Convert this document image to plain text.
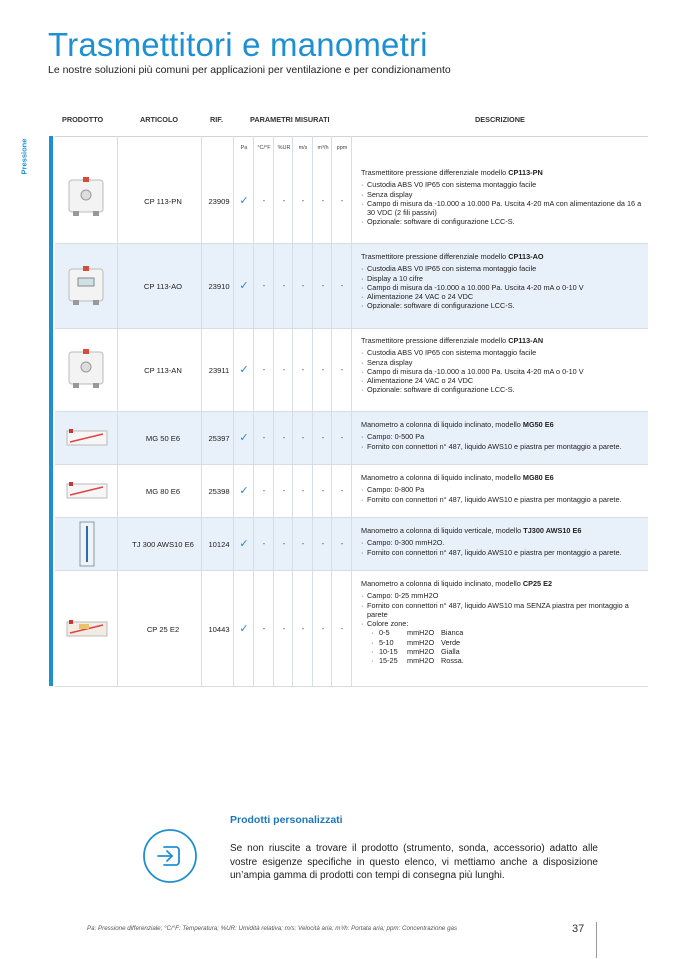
Trasmettitori e manometri
Le nostre soluzioni più comuni per applicazioni per ventilazione e per condizionamento
Pressione
PRODOTTO	ARTICOLO	RIF.	PARAMETRI MISURATI	DESCRIZIONE
Pa	°C/°F	%UR	m/s	m³/h	ppm
CP 113-PN	23909 ✓	-	-	-	-	-
Trasmettitore pressione differenziale modello CP113-PN
· Custodia ABS V0 IP65 con sistema montaggio facile
· Senza display
· Campo di misura da -10.000 a 10.000 Pa. Uscita 4-20 mA con alimentazione da 16 a 30 VDC (2 fili passivi)
· Opzionale: software di configurazione LCC-S.
CP 113-AO	23910 ✓	-	-	-	-	-
Trasmettitore pressione differenziale modello CP113-AO
· Custodia ABS V0 IP65 con sistema montaggio facile
· Display a 10 cifre
· Campo di misura da -10.000 a 10.000 Pa. Uscita 4-20 mA o 0-10 V
· Alimentazione 24 VAC o 24 VDC
· Opzionale: software di configurazione LCC-S.
CP 113-AN	23911 ✓	-	-	-	-	-
Trasmettitore pressione differenziale modello CP113-AN
· Custodia ABS V0 IP65 con sistema montaggio facile
· Senza display
· Campo di misura da -10.000 a 10.000 Pa. Uscita 4-20 mA o 0-10 V
· Alimentazione 24 VAC o 24 VDC
· Opzionale: software di configurazione LCC-S.
MG 50 E6	25397 ✓	-	-	-	-	-
Manometro a colonna di liquido inclinato, modello MG50 E6
· Campo: 0-500 Pa
· Fornito con connettori n° 487, liquido AWS10 e piastra per montaggio a parete.
MG 80 E6	25398 ✓	-	-	-	-	-
Manometro a colonna di liquido inclinato, modello MG80 E6
· Campo: 0-800 Pa
· Fornito con connettori n° 487, liquido AWS10 e piastra per montaggio a parete.
TJ 300 AWS10 E6	10124 ✓	-	-	-	-	-
Manometro a colonna di liquido verticale, modello TJ300 AWS10 E6
· Campo: 0-300 mmH2O.
· Fornito con connettori n° 487, liquido AWS10 e piastra per montaggio a parete.
CP 25 E2	10443 ✓	-	-	-	-	-
Manometro a colonna di liquido inclinato, modello CP25 E2
· Campo: 0-25 mmH2O
· Fornito con connettori n° 487, liquido AWS10 ma SENZA piastra per montaggio a parete
· Colore zone:
· 0-5 mmH2O Bianca
· 5-10 mmH2O Verde
· 10-15 mmH2O Gialla
· 15-25 mmH2O Rossa.
Prodotti personalizzati
Se non riuscite a trovare il prodotto (strumento, sonda, accessorio) adatto alle vostre esigenze specifiche in questo elenco, vi mettiamo anche a disposizione un’ampia gamma di prodotti con tempi di consegna più lunghi.
Pa: Pressione differenziale; °C/°F: Temperatura; %UR: Umidità relativa; m/s: Velocità aria; m³/h: Portata aria; ppm: Concentrazione gas	37
